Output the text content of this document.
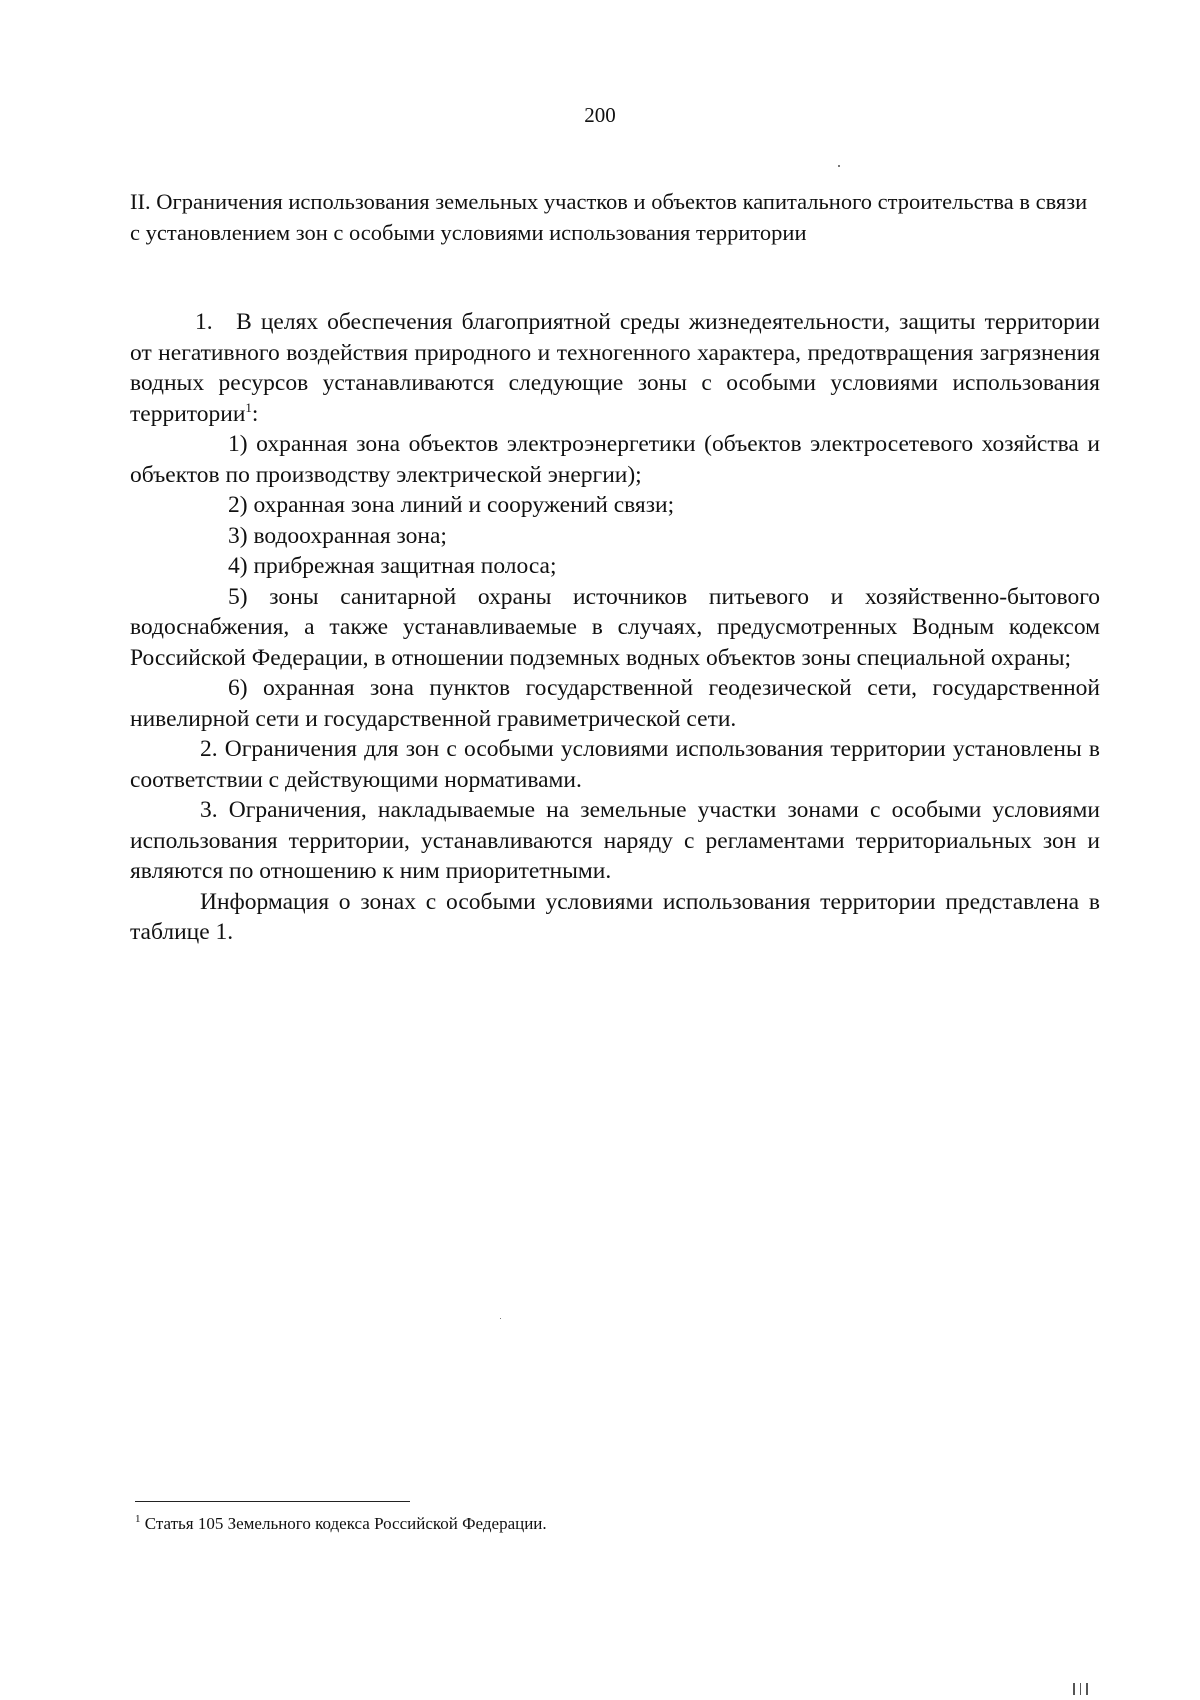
200
II. Ограничения использования земельных участков и объектов капитального строительства в связи с установлением зон с особыми условиями использования территории

1. В целях обеспечения благоприятной среды жизнедеятельности, защиты территории от негативного воздействия природного и техногенного характера, предотвращения загрязнения водных ресурсов устанавливаются следующие зоны с особыми условиями использования территории$^1$:

1) охранная зона объектов электроэнергетики (объектов электросетевого хозяйства и объектов по производству электрической энергии);

2) охранная зона линий и сооружений связи;

3) водоохранная зона;

4) прибрежная защитная полоса;

5) зоны санитарной охраны источников питьевого и хозяйственно-бытового водоснабжения, а также устанавливаемые в случаях, предусмотренных Водным кодексом Российской Федерации, в отношении подземных водных объектов зоны специальной охраны;

6) охранная зона пунктов государственной геодезической сети, государственной нивелирной сети и государственной гравиметрической сети.

2. Ограничения для зон с особыми условиями использования территории установлены в соответствии с действующими нормативами.

3. Ограничения, накладываемые на земельные участки зонами с особыми условиями использования территории, устанавливаются наряду с регламентами территориальных зон и являются по отношению к ним приоритетными.

Информация о зонах с особыми условиями использования территории представлена в таблице 1.

$^1$ Статья 105 Земельного кодекса Российской Федерации.
